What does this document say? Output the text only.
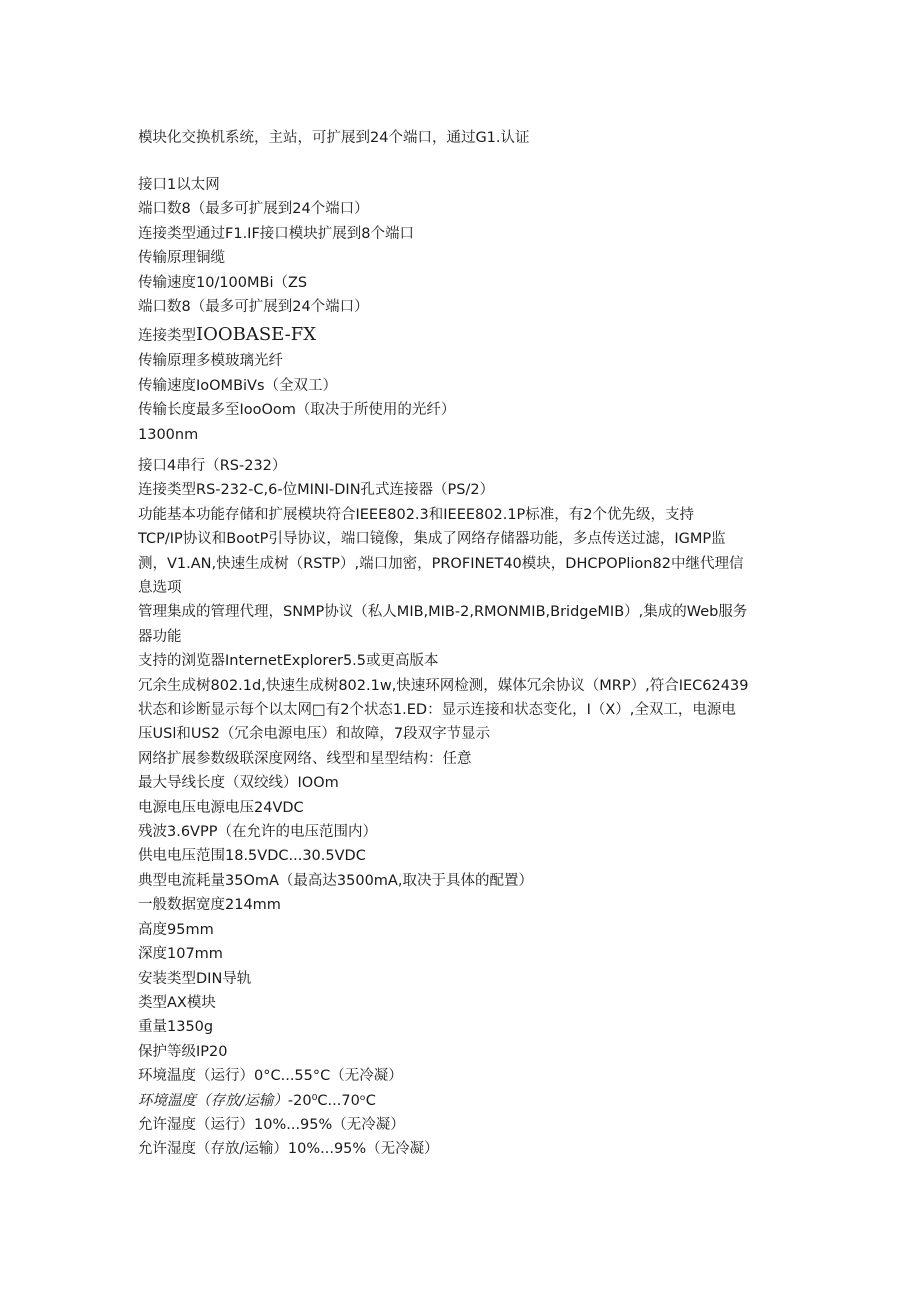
模块化交换机系统，主站，可扩展到24个端口，通过G1.认证
接口1以太网
端口数8（最多可扩展到24个端口）
连接类型通过F1.IF接口模块扩展到8个端口
传输原理铜缆
传输速度10/100MBi（ZS
端口数8（最多可扩展到24个端口）
连接类型IOOBASE-FX
传输原理多模玻璃光纤
传输速度IoOMBiVs（全双工）
传输长度最多至IooOom（取决于所使用的光纤）
1300nm
接口4串行（RS-232）
连接类型RS-232-C,6-位MINI-DIN孔式连接器（PS/2）
功能基本功能存储和扩展模块符合IEEE802.3和IEEE802.1P标准，有2个优先级，支持
TCP/IP协议和BootP引导协议，端口镜像，集成了网络存储器功能，多点传送过滤，IGMP监
测，V1.AN,快速生成树（RSTP）,端口加密，PROFINET40模块，DHCPOPlion82中继代理信
息选项
管理集成的管理代理，SNMP协议（私人MIB,MIB-2,RMONMIB,BridgeMIB）,集成的Web服务
器功能
支持的浏览器InternetExplorer5.5或更高版本
冗余生成树802.1d,快速生成树802.1w,快速环网检测，媒体冗余协议（MRP）,符合IEC62439
状态和诊断显示每个以太网□有2个状态1.ED：显示连接和状态变化，I（X）,全双工，电源电
压USl和US2（冗余电源电压）和故障，7段双字节显示
网络扩展参数级联深度网络、线型和星型结构：任意
最大导线长度（双绞线）IOOm
电源电压电源电压24VDC
残波3.6VPP（在允许的电压范围内）
供电电压范围18.5VDC...30.5VDC
典型电流耗量35OmA（最高达3500mA,取决于具体的配置）
一般数据宽度214mm
高度95mm
深度107mm
安装类型DIN导轨
类型AX模块
重量1350g
保护等级IP20
环境温度（运行）0°C...55°C（无冷凝）
环境温度（存放/运输）-20⁰C...70ᵒC
允许湿度（运行）10%...95%（无冷凝）
允许湿度（存放/运输）10%...95%（无冷凝）
